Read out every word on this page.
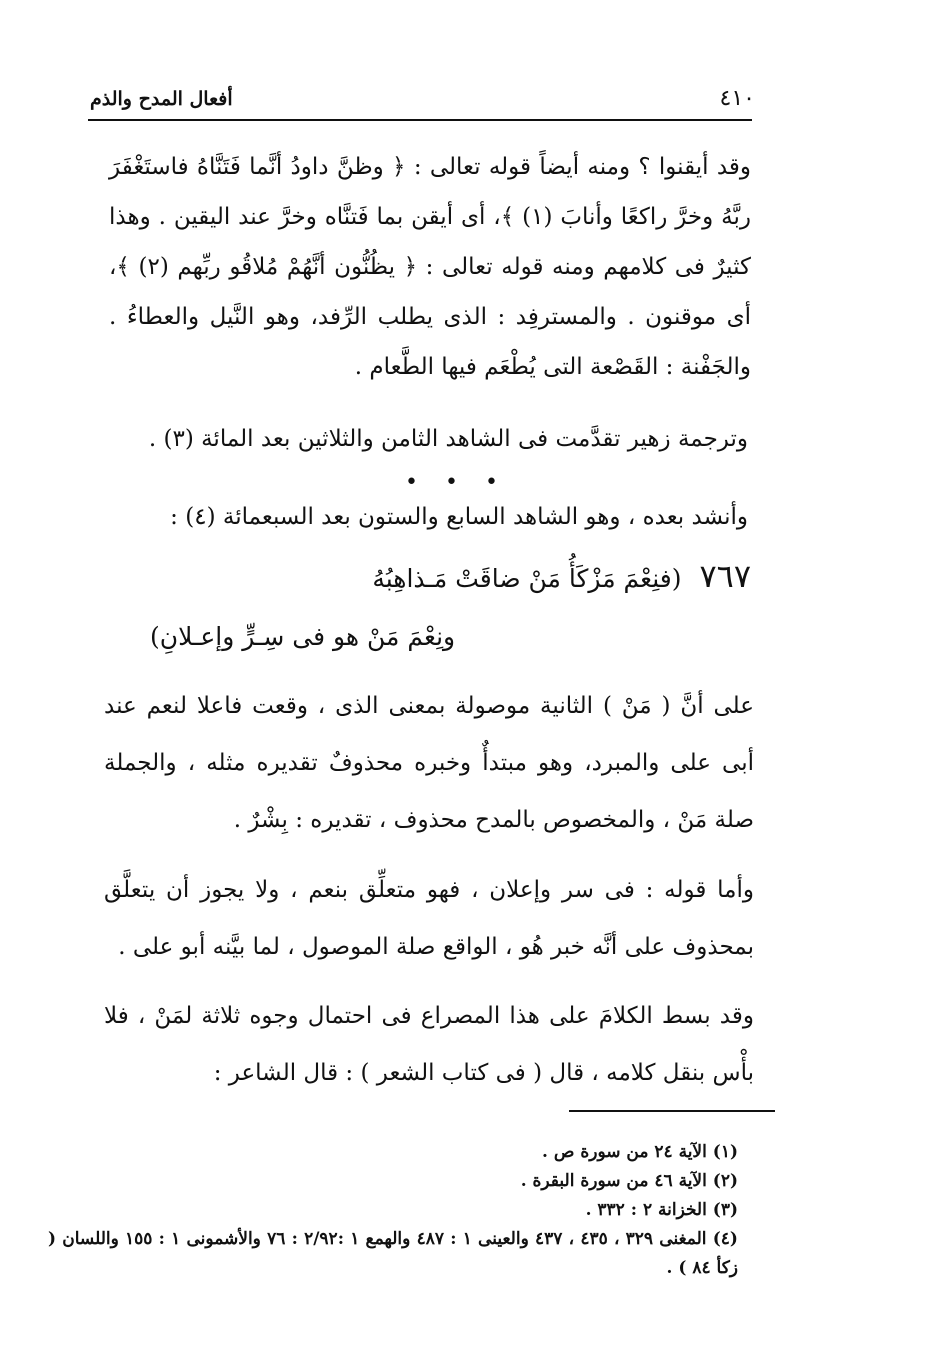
٤١٠
أفعال المدح والذم
وقد أيقنوا ؟ ومنه أيضاً قوله تعالى : ﴿ وظنَّ داودُ أنَّما فَتَنَّاهُ فاستَغْفَرَ ربَّهُ وخرَّ راكعًا وأنابَ (١) ﴾، أى أيقن بما فَتنَّاه وخرَّ عند اليقين . وهذا كثيرٌ فى كلامهم ومنه قوله تعالى : ﴿ يظُنُّون أنَّهُمْ مُلاقُو ربِّهم (٢) ﴾، أى موقنون . والمسترفِد : الذى يطلب الرِّفد، وهو النَّيل والعطاءُ . والجَفْنة : القَصْعة التى يُطْعَم فيها الطَّعام .
وترجمة زهير تقدَّمت فى الشاهد الثامن والثلاثين بعد المائة (٣) .
• • •
وأنشد بعده ، وهو الشاهد السابع والستون بعد السبعمائة (٤) :
٧٦٧ (فنِعْمَ مَزْكَأُ مَنْ ضاقَتْ مَـذاهِبُهُ
ونِعْمَ مَنْ هو فى سِـرٍّ وإعـلانِ)
على أنَّ ( مَنْ ) الثانية موصولة بمعنى الذى ، وقعت فاعلا لنعم عند أبى على والمبرد، وهو مبتدأٌ وخبره محذوفٌ تقديره مثله ، والجملة صلة مَنْ ، والمخصوص بالمدح محذوف ، تقديره : بِشْرٌ .
وأما قوله : فى سر وإعلان ، فهو متعلِّق بنعم ، ولا يجوز أن يتعلَّق بمحذوف على أنَّه خبر هُو ، الواقع صلة الموصول ، لما بيَّنه أبو على .
وقد بسط الكلامَ على هذا المصراع فى احتمال وجوه ثلاثة لمَنْ ، فلا بأْس بنقل كلامه ، قال ( فى كتاب الشعر ) : قال الشاعر :
(١) الآية ٢٤ من سورة ص .
(٢) الآية ٤٦ من سورة البقرة .
(٣) الخزانة ٢ : ٣٣٢ .
(٤) المغنى ٣٢٩ ، ٤٣٥ ، ٤٣٧ والعينى ١ : ٤٨٧ والهمع ١ :٢/٩٢ : ٧٦ والأشمونى ١ : ١٥٥ واللسان ( زكأ ٨٤ ) .
